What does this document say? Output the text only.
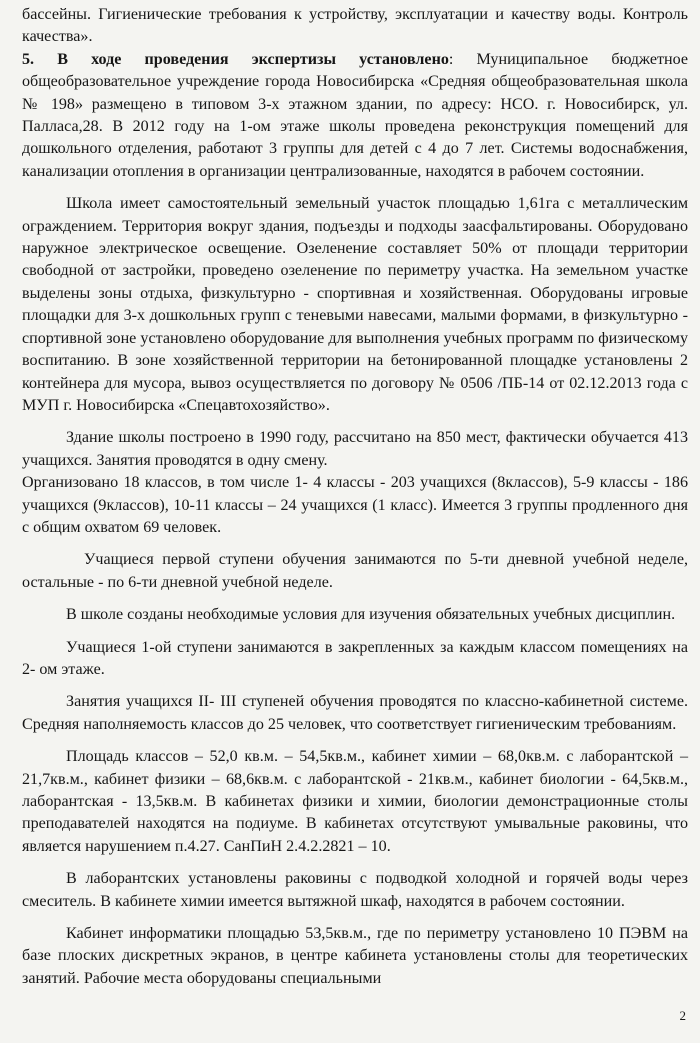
бассейны. Гигиенические требования к устройству, эксплуатации и качеству воды. Контроль качества».

5. В ходе проведения экспертизы установлено: Муниципальное бюджетное общеобразовательное учреждение города Новосибирска «Средняя общеобразовательная школа № 198» размещено в типовом 3-х этажном здании, по адресу: НСО. г. Новосибирск, ул. Палласа,28. В 2012 году на 1-ом этаже школы проведена реконструкция помещений для дошкольного отделения, работают 3 группы для детей с 4 до 7 лет. Системы водоснабжения, канализации отопления в организации централизованные, находятся в рабочем состоянии.

Школа имеет самостоятельный земельный участок площадью 1,61га с металлическим ограждением. Территория вокруг здания, подъезды и подходы заасфальтированы. Оборудовано наружное электрическое освещение. Озеленение составляет 50% от площади территории свободной от застройки, проведено озеленение по периметру участка. На земельном участке выделены зоны отдыха, физкультурно - спортивная и хозяйственная. Оборудованы игровые площадки для 3-х дошкольных групп с теневыми навесами, малыми формами, в физкультурно - спортивной зоне установлено оборудование для выполнения учебных программ по физическому воспитанию. В зоне хозяйственной территории на бетонированной площадке установлены 2 контейнера для мусора, вывоз осуществляется по договору № 0506 /ПБ-14 от 02.12.2013 года с МУП г. Новосибирска «Спецавтохозяйство».

Здание школы построено в 1990 году, рассчитано на 850 мест, фактически обучается 413 учащихся. Занятия проводятся в одну смену.

Организовано 18 классов, в том числе 1- 4 классы - 203 учащихся (8классов), 5-9 классы - 186 учащихся (9классов), 10-11 классы – 24 учащихся (1 класс). Имеется 3 группы продленного дня с общим охватом 69 человек.

Учащиеся первой ступени обучения занимаются по 5-ти дневной учебной неделе, остальные - по 6-ти дневной учебной неделе.

В школе созданы необходимые условия для изучения обязательных учебных дисциплин.

Учащиеся 1-ой ступени занимаются в закрепленных за каждым классом помещениях на 2- ом этаже.

Занятия учащихся II- III ступеней обучения проводятся по классно-кабинетной системе. Средняя наполняемость классов до 25 человек, что соответствует гигиеническим требованиям.

Площадь классов – 52,0 кв.м. – 54,5кв.м., кабинет химии – 68,0кв.м. с лаборантской – 21,7кв.м., кабинет физики – 68,6кв.м. с лаборантской - 21кв.м., кабинет биологии - 64,5кв.м., лаборантская - 13,5кв.м. В кабинетах физики и химии, биологии демонстрационные столы преподавателей находятся на подиуме. В кабинетах отсутствуют умывальные раковины, что является нарушением п.4.27. СанПиН 2.4.2.2821 – 10.

В лаборантских установлены раковины с подводкой холодной и горячей воды через смеситель. В кабинете химии имеется вытяжной шкаф, находятся в рабочем состоянии.

Кабинет информатики площадью 53,5кв.м., где по периметру установлено 10 ПЭВМ на базе плоских дискретных экранов, в центре кабинета установлены столы для теоретических занятий. Рабочие места оборудованы специальными

2
